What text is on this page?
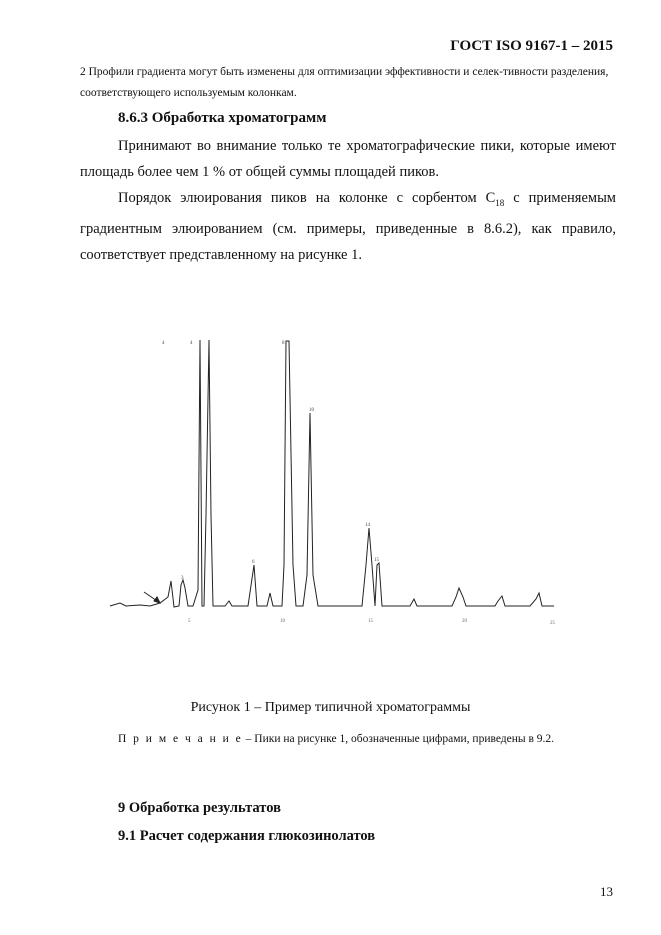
ГОСТ ISO 9167-1 – 2015
2 Профили градиента могут быть изменены для оптимизации эффективности и селек-тивности разделения, соответствующего используемым колонкам.
8.6.3 Обработка хроматограмм
Принимают во внимание только те хроматографические пики, которые имеют площадь более чем 1 % от общей суммы площадей пиков.
Порядок элюирования пиков на колонке с сорбентом $C_{18}$ с применяемым градиентным элюированием (см. примеры, приведенные в 8.6.2), как правило, соответствует представленному на рисунке 1.
4	4	8
10
14
15
6
3
5	10	15	20	25
Рисунок 1 – Пример типичной хроматограммы
П р и м е ч а н и е – Пики на рисунке 1, обозначенные цифрами, приведены в 9.2.
9 Обработка результатов
9.1 Расчет содержания глюкозинолатов
13
